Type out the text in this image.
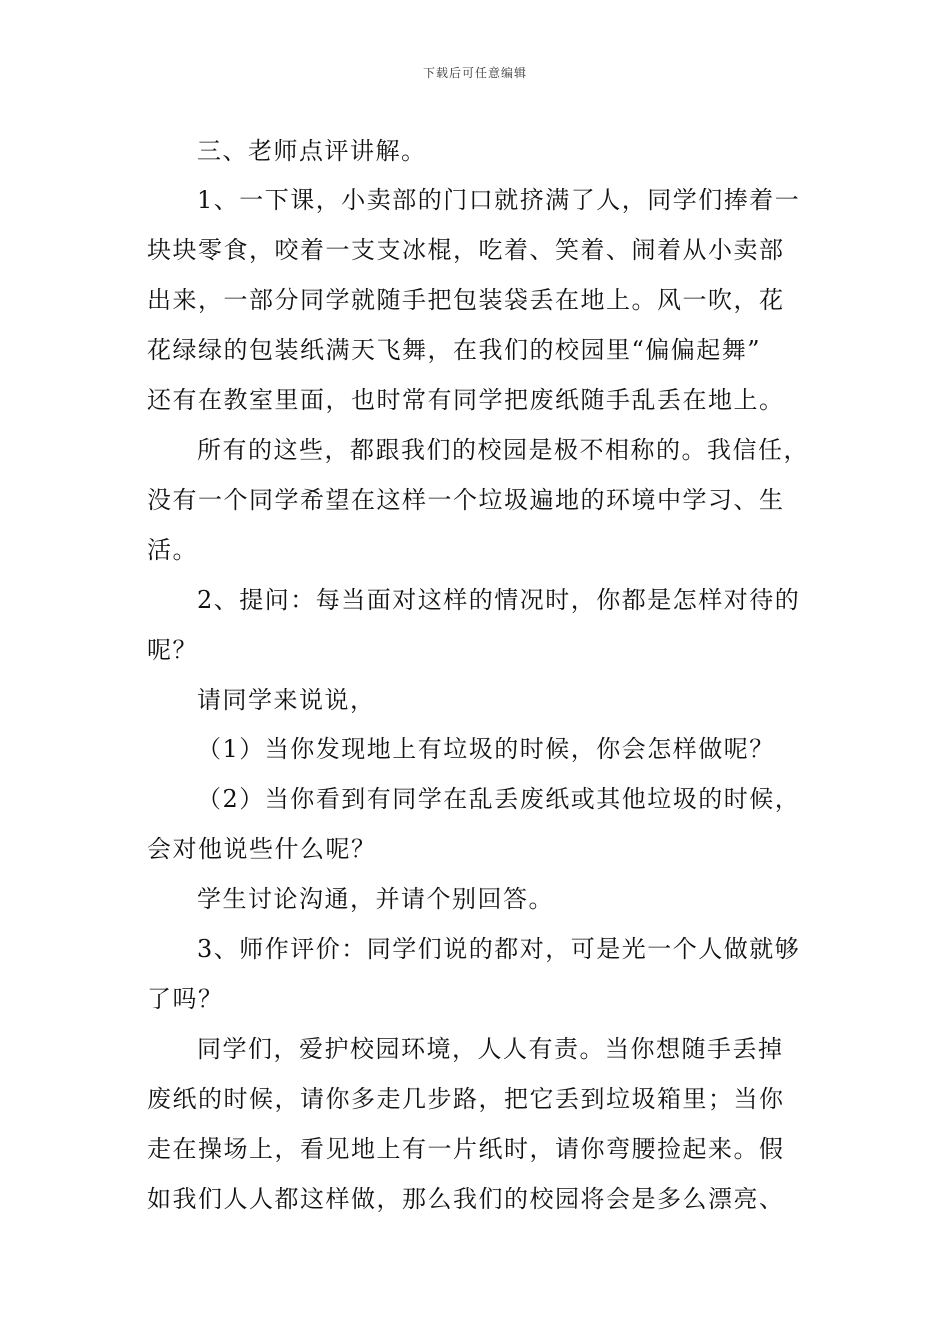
下载后可任意编辑
三、老师点评讲解。
1、一下课，小卖部的门口就挤满了人，同学们捧着一
块块零食，咬着一支支冰棍，吃着、笑着、闹着从小卖部
出来，一部分同学就随手把包装袋丢在地上。风一吹，花
花绿绿的包装纸满天飞舞，在我们的校园里“偏偏起舞”
还有在教室里面，也时常有同学把废纸随手乱丢在地上。
所有的这些，都跟我们的校园是极不相称的。我信任，
没有一个同学希望在这样一个垃圾遍地的环境中学习、生
活。
2、提问：每当面对这样的情况时，你都是怎样对待的
呢？
请同学来说说，
（1）当你发现地上有垃圾的时候，你会怎样做呢？
（2）当你看到有同学在乱丢废纸或其他垃圾的时候，
会对他说些什么呢？
学生讨论沟通，并请个别回答。
3、师作评价：同学们说的都对，可是光一个人做就够
了吗？
同学们，爱护校园环境，人人有责。当你想随手丢掉
废纸的时候，请你多走几步路，把它丢到垃圾箱里；当你
走在操场上，看见地上有一片纸时，请你弯腰捡起来。假
如我们人人都这样做，那么我们的校园将会是多么漂亮、
